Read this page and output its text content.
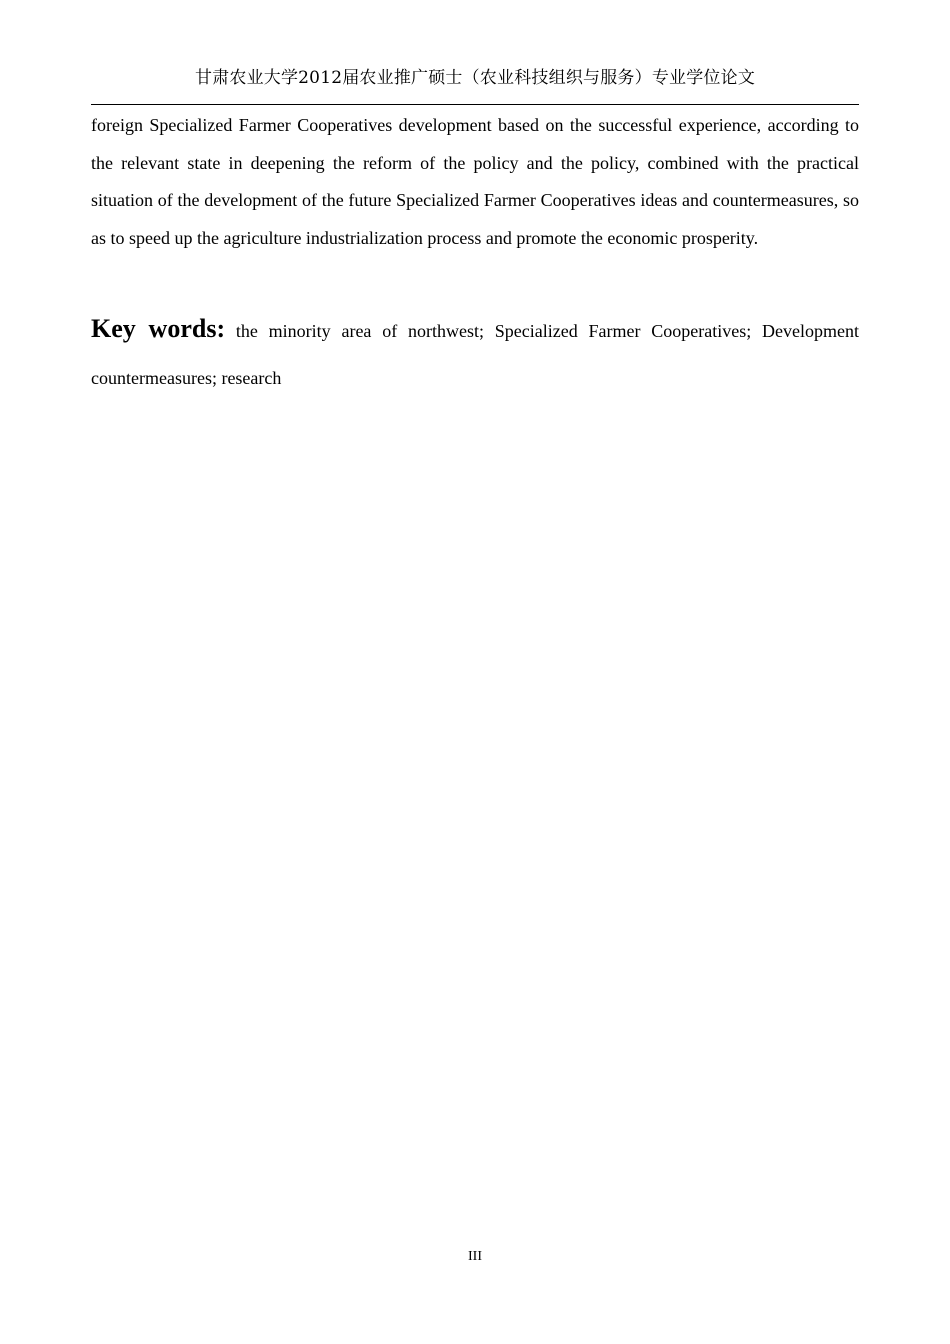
甘肃农业大学2012届农业推广硕士（农业科技组织与服务）专业学位论文

foreign Specialized Farmer Cooperatives development based on the successful experience, according to the relevant state in deepening the reform of the policy and the policy, combined with the practical situation of the development of the future Specialized Farmer Cooperatives ideas and countermeasures, so as to speed up the agriculture industrialization process and promote the economic prosperity.

Key words: the minority area of northwest; Specialized Farmer Cooperatives; Development countermeasures; research

III
